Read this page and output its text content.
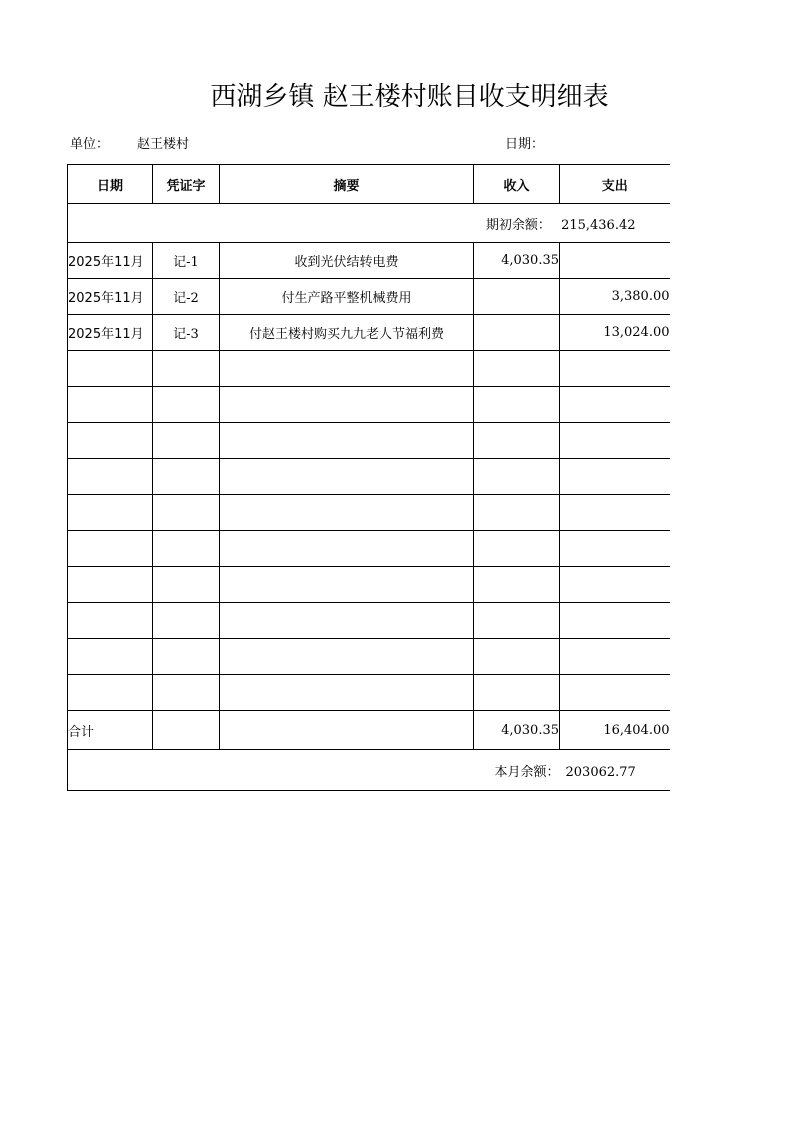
西湖乡镇 赵王楼村账目收支明细表
单位： 赵王楼村	日期：
日期	凭证字	摘要	收入	支出
期初余额： 215,436.42				
2025年11月	记-1	收到光伏结转电费	4,030.35	
2025年11月	记-2	付生产路平整机械费用		3,380.00
2025年11月	记-3	付赵王楼村购买九九老人节福利费		13,024.00

合计			4,030.35	16,404.00
本月余额： 203062.77				
